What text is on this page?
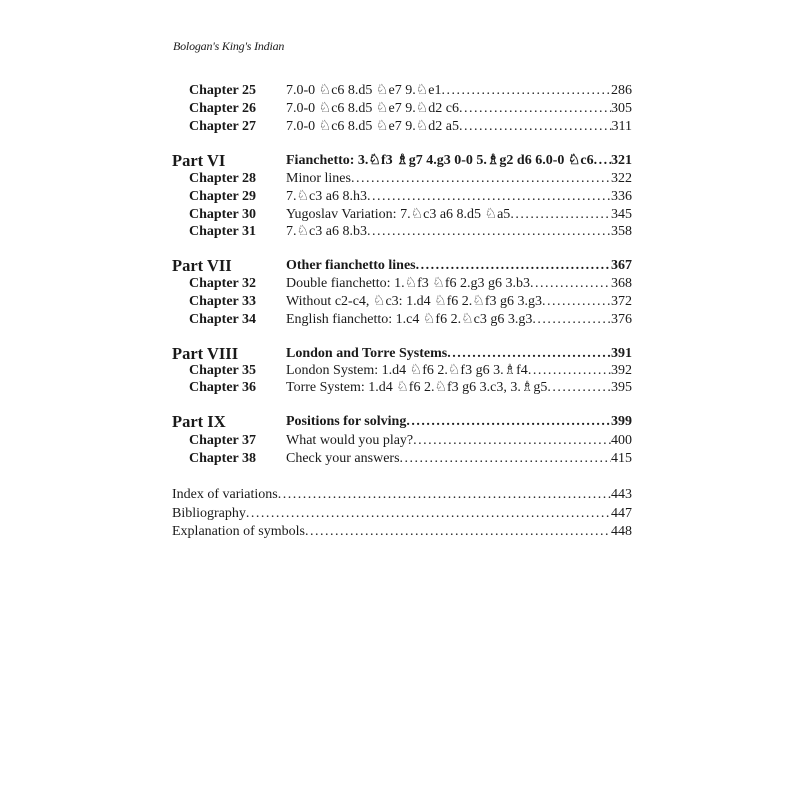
Bologan's King's Indian
Chapter 25 7.0-0 ♘c6 8.d5 ♘e7 9.♘e1 . . .	286
Chapter 26 7.0-0 ♘c6 8.d5 ♘e7 9.♘d2 c6 . . .	305
Chapter 27 7.0-0 ♘c6 8.d5 ♘e7 9.♘d2 a5 . . .	311
Part VI	Fianchetto: 3.♘f3 ♗g7 4.g3 0-0 5.♗g2 d6 6.0-0 ♘c6 . . . 321
Chapter 28 Minor lines . . .	322
Chapter 29 7.♘c3 a6 8.h3 . . .	336
Chapter 30 Yugoslav Variation: 7.♘c3 a6 8.d5 ♘a5 . . .	345
Chapter 31 7.♘c3 a6 8.b3 . . .	358
Part VII	Other fianchetto lines . . .	367
Chapter 32 Double fianchetto: 1.♘f3 ♘f6 2.g3 g6 3.b3 . . .	368
Chapter 33 Without c2-c4, ♘c3: 1.d4 ♘f6 2.♘f3 g6 3.g3 . . .	372
Chapter 34 English fianchetto: 1.c4 ♘f6 2.♘c3 g6 3.g3 . . .	376
Part VIII	London and Torre Systems . . .	391
Chapter 35 London System: 1.d4 ♘f6 2.♘f3 g6 3.♗f4 . . .	392
Chapter 36 Torre System: 1.d4 ♘f6 2.♘f3 g6 3.c3, 3.♗g5 . . .	395
Part IX	Positions for solving . . .	399
Chapter 37 What would you play? . . .	400
Chapter 38 Check your answers . . .	415
Index of variations . . .	443
Bibliography . . .	447
Explanation of symbols . . .	448
